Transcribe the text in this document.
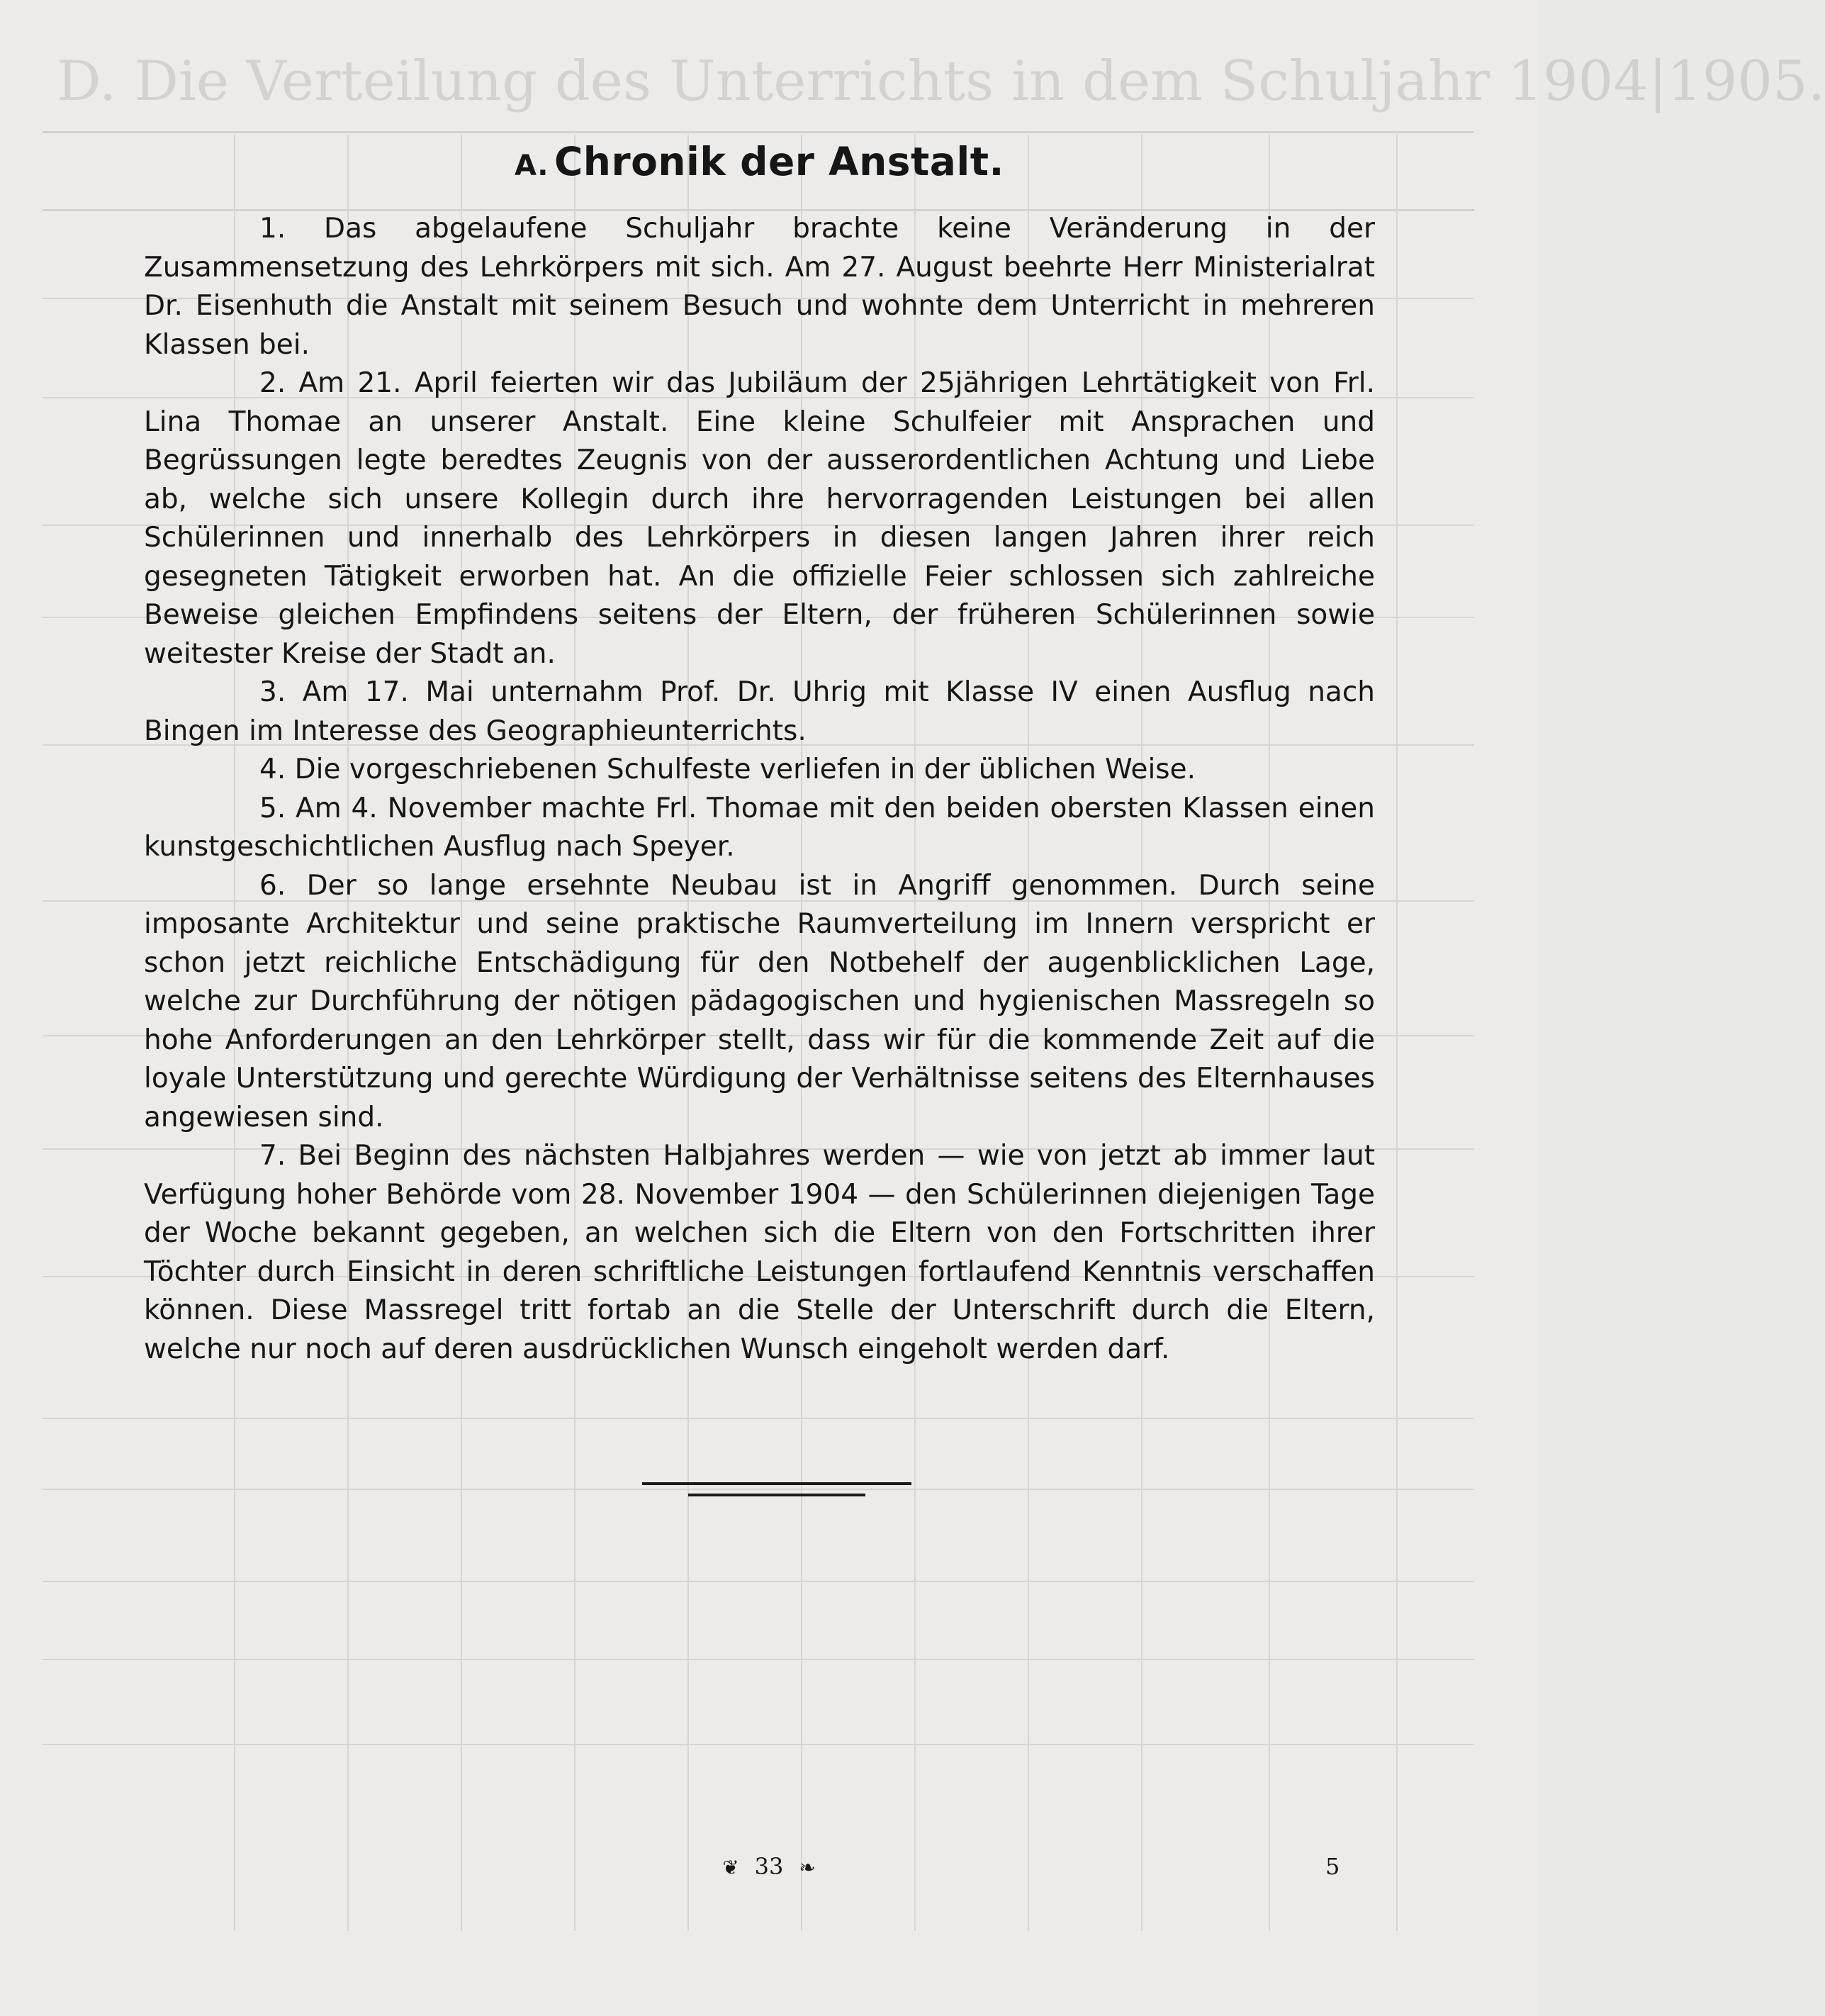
D. Die Verteilung des Unterrichts in dem Schuljahr 1904|1905.
A. Chronik der Anstalt.

1. Das abgelaufene Schuljahr brachte keine Veränderung in der Zusammensetzung des Lehrkörpers mit sich. Am 27. August beehrte Herr Ministerialrat Dr. Eisenhuth die Anstalt mit seinem Besuch und wohnte dem Unterricht in mehreren Klassen bei.

2. Am 21. April feierten wir das Jubiläum der 25jährigen Lehrtätigkeit von Frl. Lina Thomae an unserer Anstalt. Eine kleine Schulfeier mit Ansprachen und Begrüssungen legte beredtes Zeugnis von der ausserordentlichen Achtung und Liebe ab, welche sich unsere Kollegin durch ihre hervorragenden Leistungen bei allen Schülerinnen und innerhalb des Lehrkörpers in diesen langen Jahren ihrer reich gesegneten Tätigkeit erworben hat. An die offizielle Feier schlossen sich zahlreiche Beweise gleichen Empfindens seitens der Eltern, der früheren Schülerinnen sowie weitester Kreise der Stadt an.

3. Am 17. Mai unternahm Prof. Dr. Uhrig mit Klasse IV einen Ausflug nach Bingen im Interesse des Geographieunterrichts.

4. Die vorgeschriebenen Schulfeste verliefen in der üblichen Weise.

5. Am 4. November machte Frl. Thomae mit den beiden obersten Klassen einen kunstgeschichtlichen Ausflug nach Speyer.

6. Der so lange ersehnte Neubau ist in Angriff genommen. Durch seine imposante Architektur und seine praktische Raumverteilung im Innern verspricht er schon jetzt reichliche Entschädigung für den Notbehelf der augenblicklichen Lage, welche zur Durchführung der nötigen pädagogischen und hygienischen Massregeln so hohe Anforderungen an den Lehrkörper stellt, dass wir für die kommende Zeit auf die loyale Unterstützung und gerechte Würdigung der Verhältnisse seitens des Elternhauses angewiesen sind.

7. Bei Beginn des nächsten Halbjahres werden — wie von jetzt ab immer laut Verfügung hoher Behörde vom 28. November 1904 — den Schülerinnen diejenigen Tage der Woche bekannt gegeben, an welchen sich die Eltern von den Fortschritten ihrer Töchter durch Einsicht in deren schriftliche Leistungen fortlaufend Kenntnis verschaffen können. Diese Massregel tritt fortab an die Stelle der Unterschrift durch die Eltern, welche nur noch auf deren ausdrücklichen Wunsch eingeholt werden darf.

❦ 33 ❧	5
